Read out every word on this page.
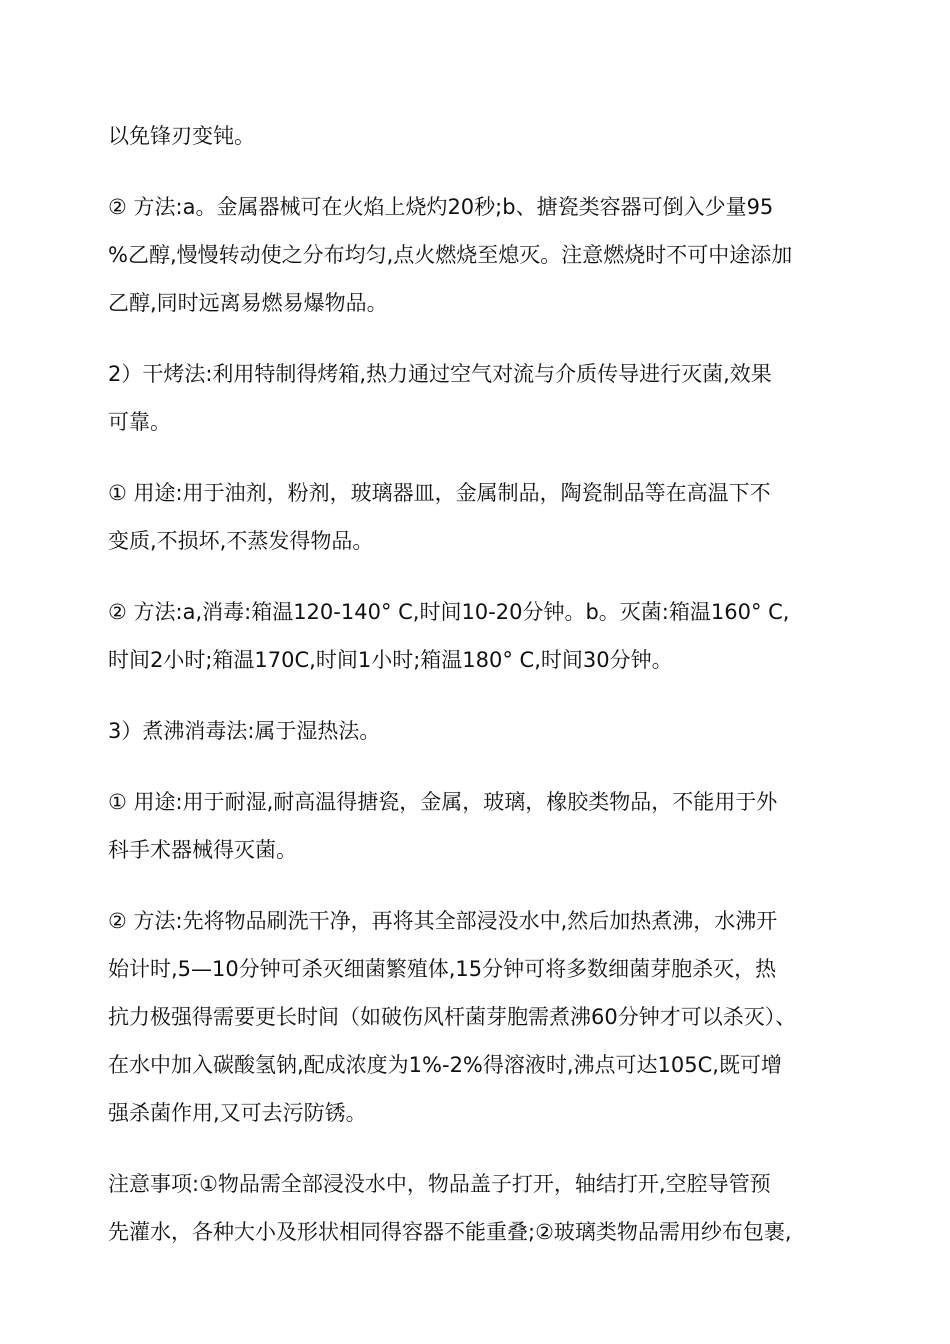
以免锋刃变钝。

② 方法:a。金属器械可在火焰上烧灼20秒;b、搪瓷类容器可倒入少量95
%乙醇,慢慢转动使之分布均匀,点火燃烧至熄灭。注意燃烧时不可中途添加
乙醇,同时远离易燃易爆物品。

2）干烤法:利用特制得烤箱,热力通过空气对流与介质传导进行灭菌,效果
可靠。

① 用途:用于油剂，粉剂，玻璃器皿，金属制品，陶瓷制品等在高温下不
变质,不损坏,不蒸发得物品。

② 方法:a,消毒:箱温120-140° C,时间10-20分钟。b。灭菌:箱温160° C,
时间2小时;箱温170C,时间1小时;箱温180° C,时间30分钟。

3）煮沸消毒法:属于湿热法。

① 用途:用于耐湿,耐高温得搪瓷，金属，玻璃，橡胶类物品，不能用于外
科手术器械得灭菌。

② 方法:先将物品刷洗干净，再将其全部浸没水中,然后加热煮沸，水沸开
始计时,5—10分钟可杀灭细菌繁殖体,15分钟可将多数细菌芽胞杀灭，热
抗力极强得需要更长时间（如破伤风杆菌芽胞需煮沸60分钟才可以杀灭）、
在水中加入碳酸氢钠,配成浓度为1%-2%得溶液时,沸点可达105C,既可增
强杀菌作用,又可去污防锈。

注意事项:①物品需全部浸没水中，物品盖子打开，轴结打开,空腔导管预
先灌水，各种大小及形状相同得容器不能重叠;②玻璃类物品需用纱布包裹,
